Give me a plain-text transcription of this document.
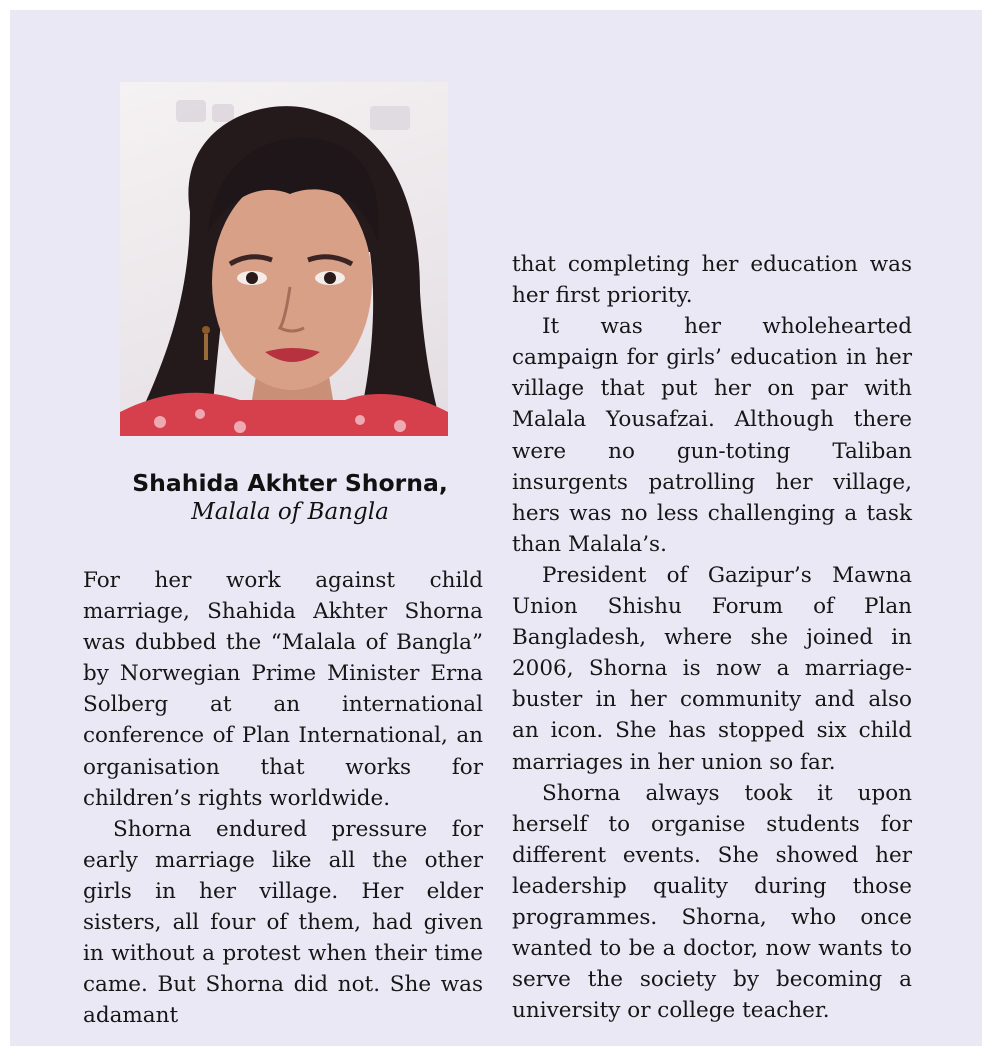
Shahida Akhter Shorna,
Malala of Bangla

For her work against child marriage, Shahida Akhter Shorna was dubbed the “Malala of Bangla” by Norwegian Prime Minister Erna Solberg at an international conference of Plan International, an organisation that works for children’s rights worldwide.

Shorna endured pressure for early marriage like all the other girls in her village. Her elder sisters, all four of them, had given in without a protest when their time came. But Shorna did not. She was adamant

that completing her education was her first priority.

It was her wholehearted campaign for girls’ education in her village that put her on par with Malala Yousafzai. Although there were no gun-toting Taliban insurgents patrolling her village, hers was no less challenging a task than Malala’s.

President of Gazipur’s Mawna Union Shishu Forum of Plan Bangladesh, where she joined in 2006, Shorna is now a marriage-buster in her community and also an icon. She has stopped six child marriages in her union so far.

Shorna always took it upon herself to organise students for different events. She showed her leadership quality during those programmes. Shorna, who once wanted to be a doctor, now wants to serve the society by becoming a university or college teacher.
